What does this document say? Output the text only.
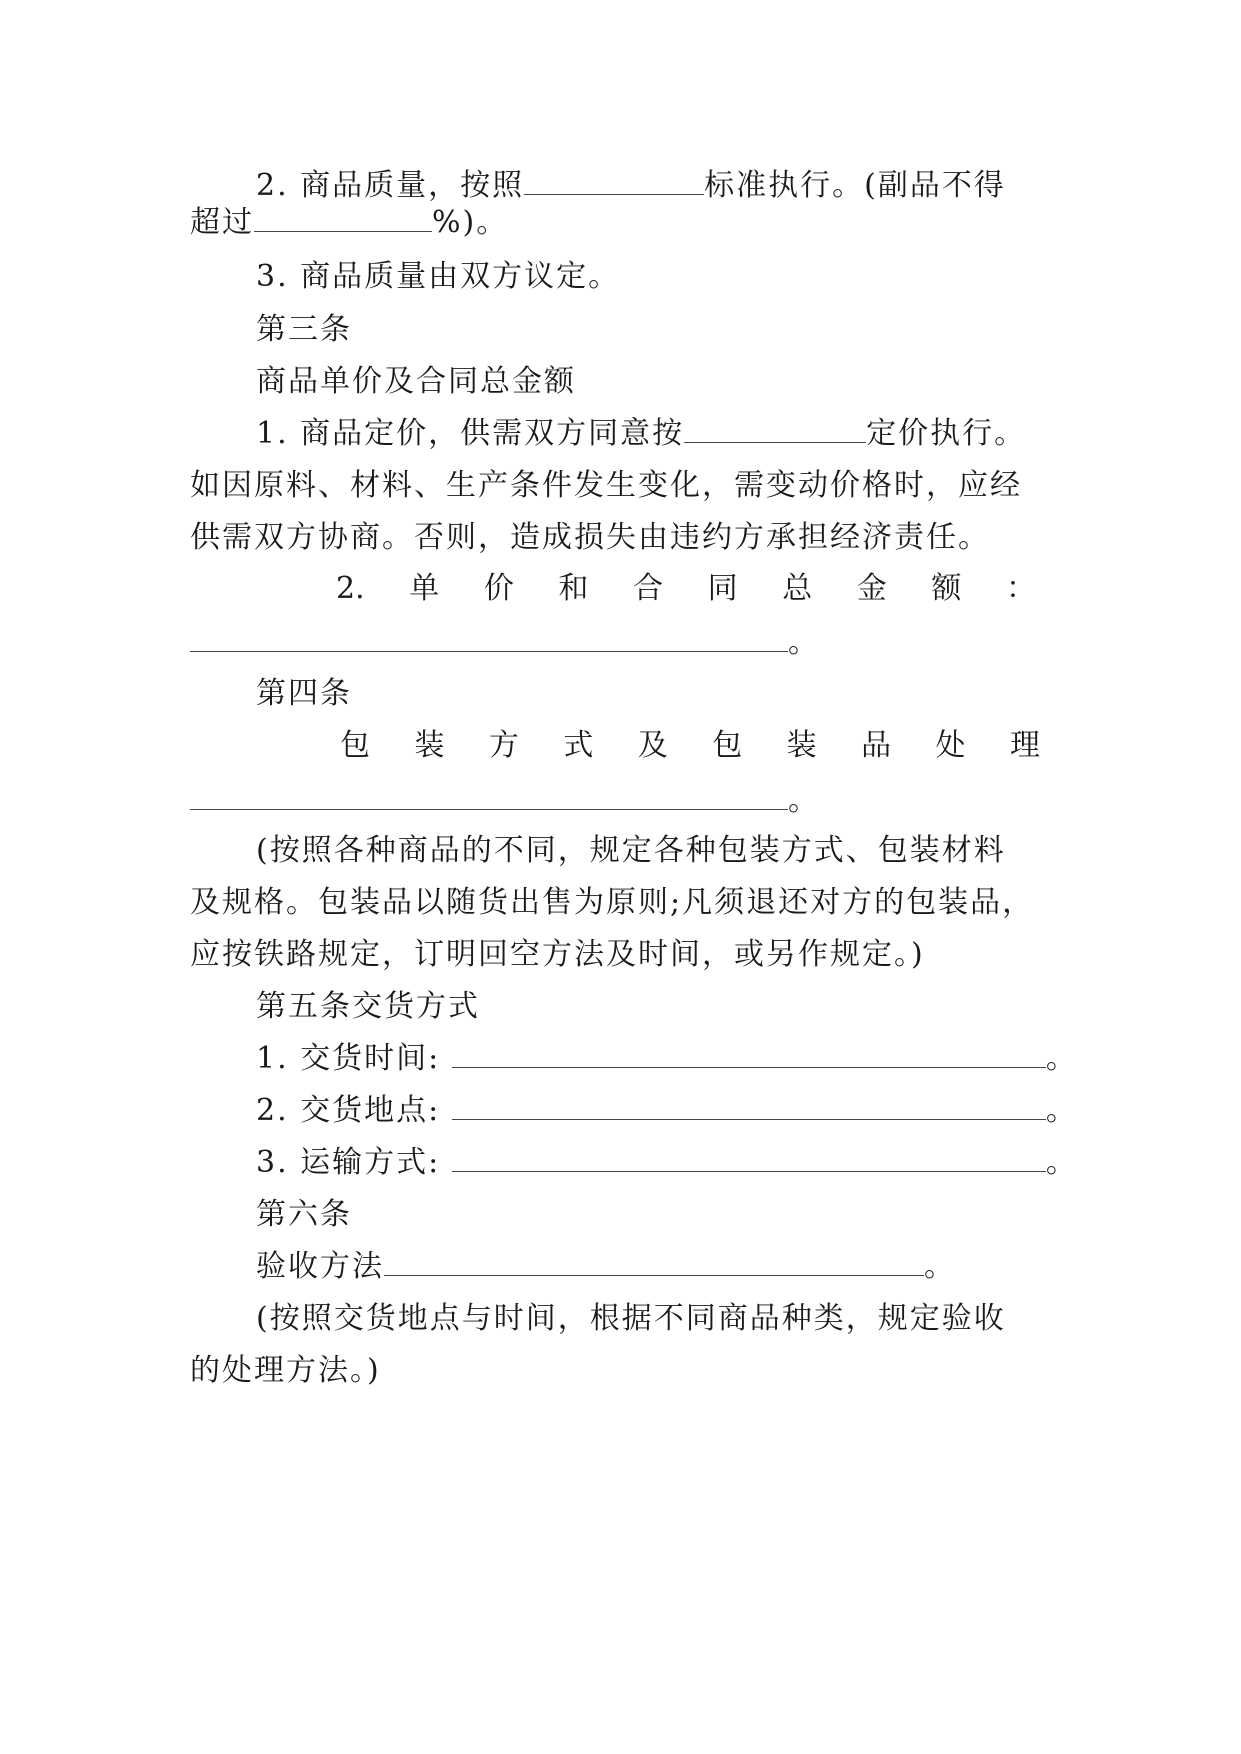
2. 商品质量，按照	标准执行。(副品不得
超过	%)。
3. 商品质量由双方议定。
第三条
商品单价及合同总金额
1. 商品定价，供需双方同意按	定价执行。
如因原料、材料、生产条件发生变化，需变动价格时，应经
供需双方协商。否则，造成损失由违约方承担经济责任。
2. 单 价 和 合 同 总 金 额 ：
。
第四条
包 装 方 式 及 包 装 品 处 理
。
(按照各种商品的不同，规定各种包装方式、包装材料
及规格。包装品以随货出售为原则;凡须退还对方的包装品，
应按铁路规定，订明回空方法及时间，或另作规定。)
第五条交货方式
1. 交货时间:	。
2. 交货地点:	。
3. 运输方式:	。
第六条
验收方法	。
(按照交货地点与时间，根据不同商品种类，规定验收
的处理方法。)
